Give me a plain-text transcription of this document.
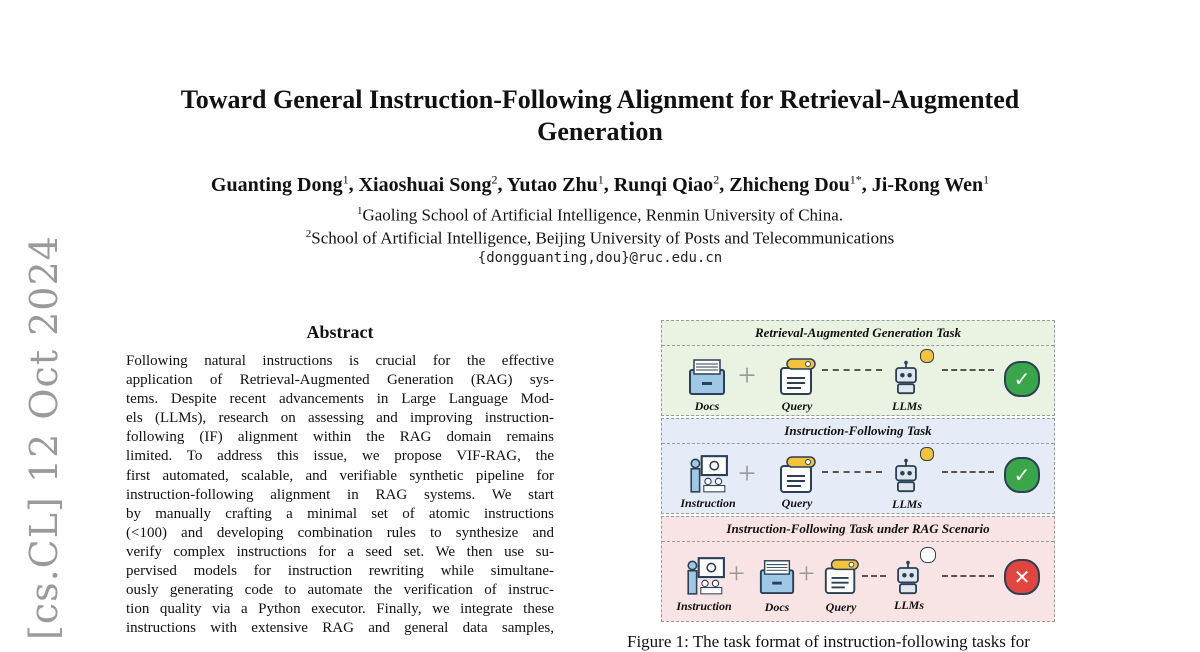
Toward General Instruction-Following Alignment for Retrieval-Augmented
Generation
Guanting Dong$^1$, Xiaoshuai Song$^2$, Yutao Zhu$^1$, Runqi Qiao$^2$, Zhicheng Dou$^{1*}$, Ji-Rong Wen$^1$
$^1$Gaoling School of Artificial Intelligence, Renmin University of China.
$^2$School of Artificial Intelligence, Beijing University of Posts and Telecommunications
{dongguanting,dou}@ruc.edu.cn
[cs.CL] 12 Oct 2024	Abstract
Following natural instructions is crucial for the effective
application of Retrieval-Augmented Generation (RAG) sys-
tems. Despite recent advancements in Large Language Mod-
els (LLMs), research on assessing and improving instruction-
following (IF) alignment within the RAG domain remains
limited. To address this issue, we propose VIF-RAG, the
first automated, scalable, and verifiable synthetic pipeline for
instruction-following alignment in RAG systems. We start
by manually crafting a minimal set of atomic instructions
(<100) and developing combination rules to synthesize and
verify complex instructions for a seed set. We then use su-
pervised models for instruction rewriting while simultane-
ously generating code to automate the verification of instruc-
tion quality via a Python executor. Finally, we integrate these
instructions with extensive RAG and general data samples,
Retrieval-Augmented Generation Task
Docs
+
Query	LLMs
✓
Instruction-Following Task
Instruction
+
Query	LLMs
✓
Instruction-Following Task under RAG Scenario
Instruction
+
Docs
+
Query	LLMs
✕
Figure 1: The task format of instruction-following tasks for
